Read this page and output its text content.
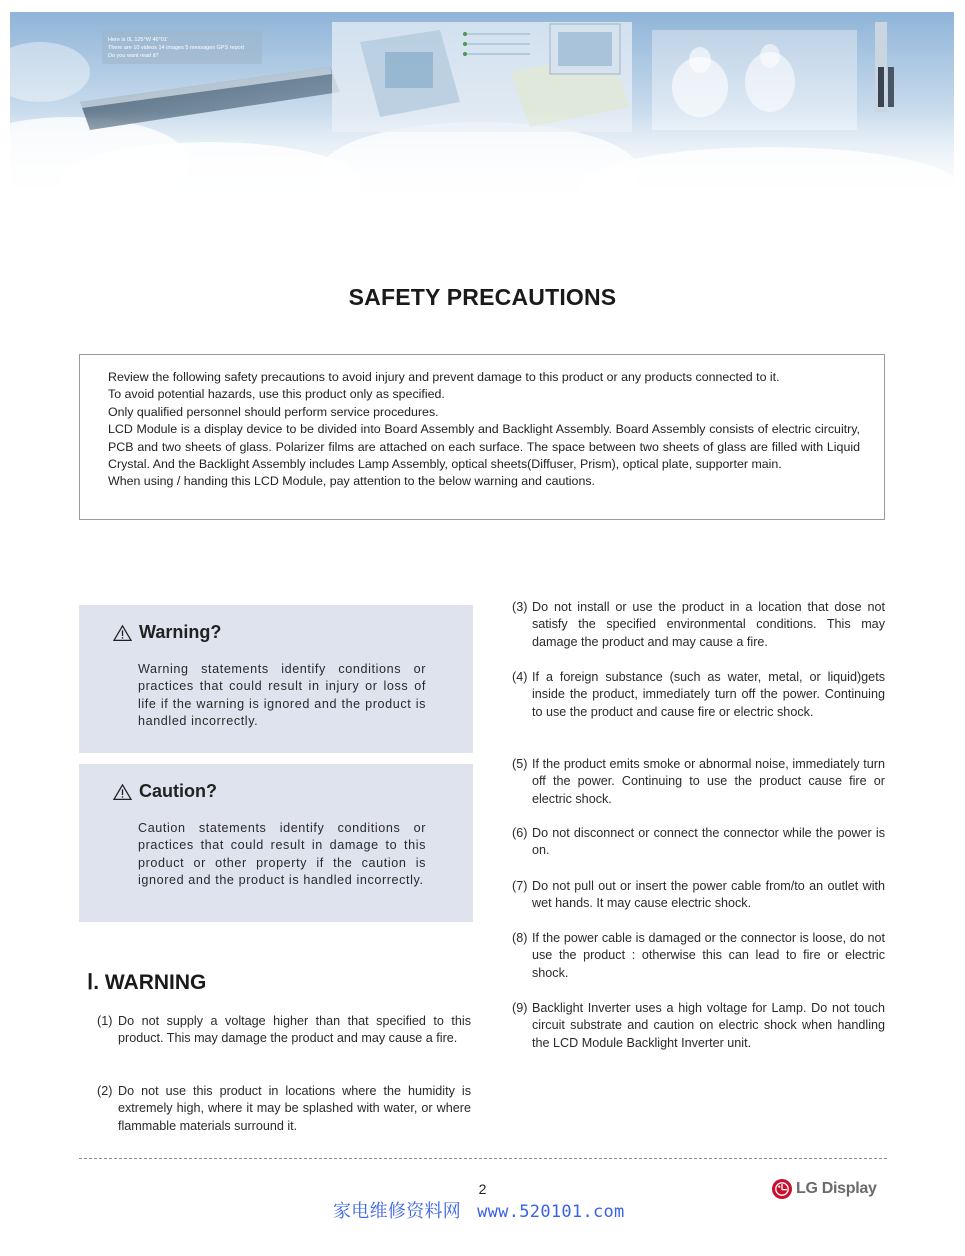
SAFETY PRECAUTIONS

Review the following safety precautions to avoid injury and prevent damage to this product or any products connected to it.

To avoid potential hazards, use this product only as specified.

Only qualified personnel should perform service procedures.

LCD Module is a display device to be divided into Board Assembly and Backlight Assembly. Board Assembly consists of electric circuitry, PCB and two sheets of glass. Polarizer films are attached on each surface. The space between two sheets of glass are filled with Liquid Crystal. And the Backlight Assembly includes Lamp Assembly, optical sheets(Diffuser, Prism), optical plate, supporter main.

When using / handing this LCD Module, pay attention to the below warning and cautions.

Warning?
Warning statements identify conditions or practices that could result in injury or loss of life if the warning is ignored and the product is handled incorrectly.
Caution?
Caution statements identify conditions or practices that could result in damage to this product or other property if the caution is ignored and the product is handled incorrectly.
Ⅰ. WARNING
(1) Do not supply a voltage higher than that specified to this product. This may damage the product and may cause a fire.
(2) Do not use this product in locations where the humidity is extremely high, where it may be splashed with water, or where flammable materials surround it.
(3) Do not install or use the product in a location that dose not satisfy the specified environmental conditions. This may damage the product and may cause a fire.
(4) If a foreign substance (such as water, metal, or liquid)gets inside the product, immediately turn off the power. Continuing to use the product and cause fire or electric shock.
(5) If the product emits smoke or abnormal noise, immediately turn off the power. Continuing to use the product cause fire or electric shock.
(6) Do not disconnect or connect the connector while the power is on.
(7) Do not pull out or insert the power cable from/to an outlet with wet hands. It may cause electric shock.
(8) If the power cable is damaged or the connector is loose, do not use the product : otherwise this can lead to fire or electric shock.
(9) Backlight Inverter uses a high voltage for Lamp. Do not touch circuit substrate and caution on electric shock when handling the LCD Module Backlight Inverter unit.
2	LG Display
家电维修资料网 www.520101.com
